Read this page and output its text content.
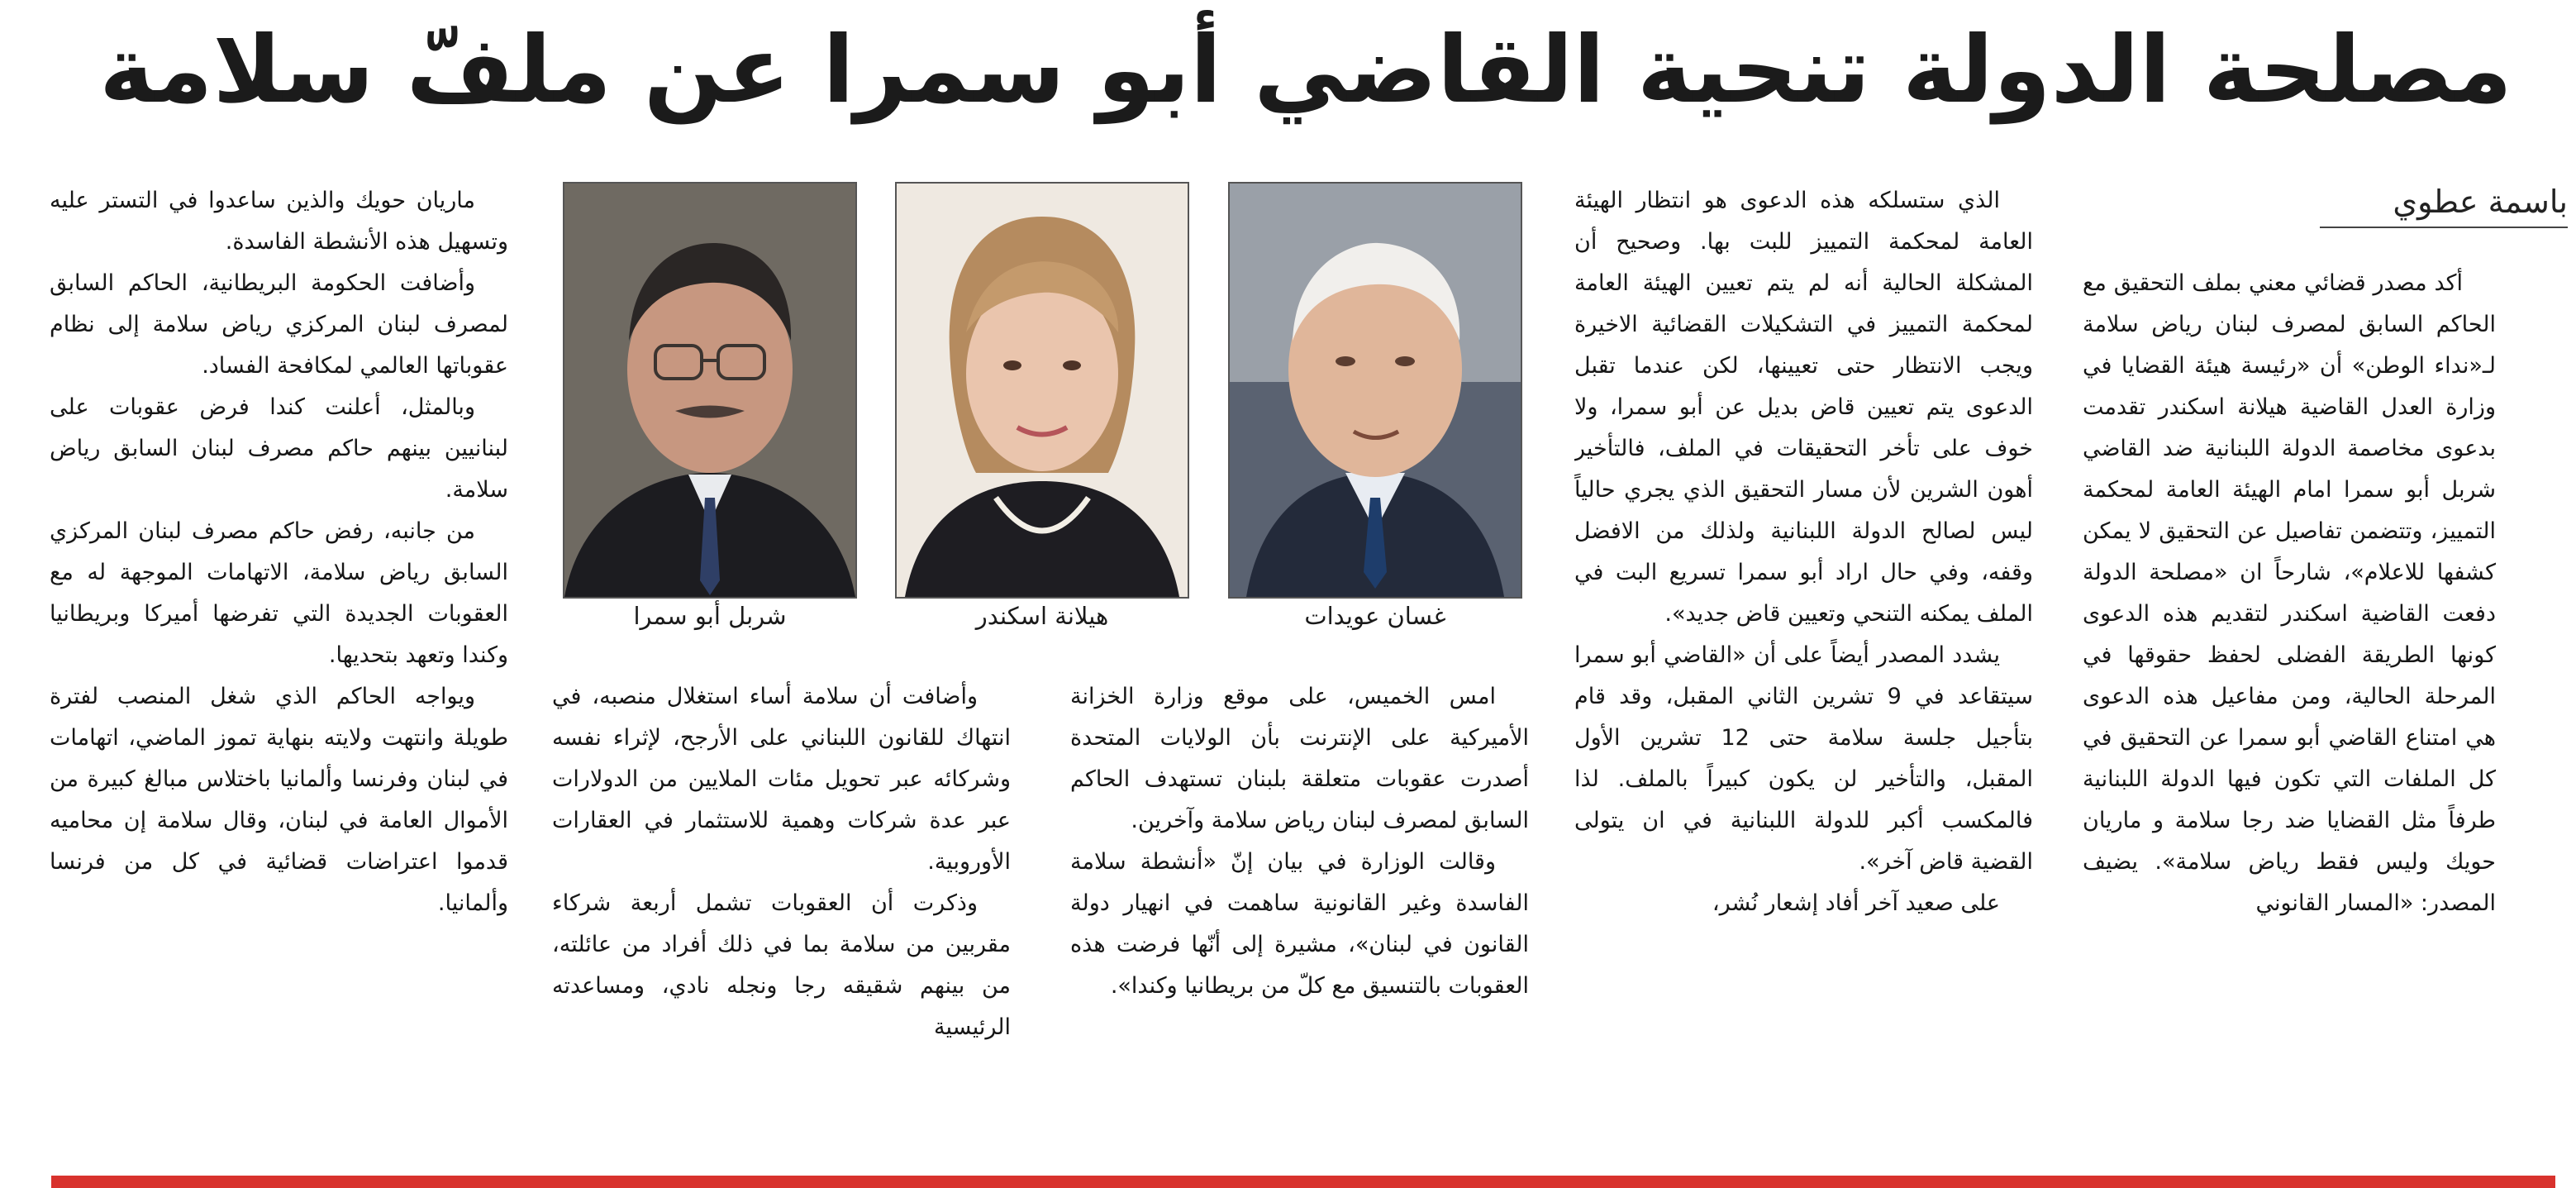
مصلحة الدولة تنحية القاضي أبو سمرا عن ملفّ سلامة
باسمة عطوي

أكد مصدر قضائي معني بملف التحقيق مع الحاكم السابق لمصرف لبنان رياض سلامة لـ«نداء الوطن» أن «رئيسة هيئة القضايا في وزارة العدل القاضية هيلانة اسكندر تقدمت بدعوى مخاصمة الدولة اللبنانية ضد القاضي شربل أبو سمرا امام الهيئة العامة لمحكمة التمييز، وتتضمن تفاصيل عن التحقيق لا يمكن كشفها للاعلام»، شارحاً ان «مصلحة الدولة دفعت القاضية اسكندر لتقديم هذه الدعوى كونها الطريقة الفضلى لحفظ حقوقها في المرحلة الحالية، ومن مفاعيل هذه الدعوى هي امتناع القاضي أبو سمرا عن التحقيق في كل الملفات التي تكون فيها الدولة اللبنانية طرفاً مثل القضايا ضد رجا سلامة و ماريان حويك وليس فقط رياض سلامة». يضيف المصدر: «المسار القانوني

الذي ستسلكه هذه الدعوى هو انتظار الهيئة العامة لمحكمة التمييز للبت بها. وصحيح أن المشكلة الحالية أنه لم يتم تعيين الهيئة العامة لمحكمة التمييز في التشكيلات القضائية الاخيرة ويجب الانتظار حتى تعيينها، لكن عندما تقبل الدعوى يتم تعيين قاض بديل عن أبو سمرا، ولا خوف على تأخر التحقيقات في الملف، فالتأخير أهون الشرين لأن مسار التحقيق الذي يجري حالياً ليس لصالح الدولة اللبنانية ولذلك من الافضل وقفه، وفي حال اراد أبو سمرا تسريع البت في الملف يمكنه التنحي وتعيين قاض جديد».

يشدد المصدر أيضاً على أن «القاضي أبو سمرا سيتقاعد في 9 تشرين الثاني المقبل، وقد قام بتأجيل جلسة سلامة حتى 12 تشرين الأول المقبل، والتأخير لن يكون كبيراً بالملف. لذا فالمكسب أكبر للدولة اللبنانية في ان يتولى القضية قاض آخر».

على صعيد آخر أفاد إشعار نُشر،

غسان عويدات
هيلانة اسكندر
شربل أبو سمرا

امس الخميس، على موقع وزارة الخزانة الأميركية على الإنترنت بأن الولايات المتحدة أصدرت عقوبات متعلقة بلبنان تستهدف الحاكم السابق لمصرف لبنان رياض سلامة وآخرين.

وقالت الوزارة في بيان إنّ «أنشطة سلامة الفاسدة وغير القانونية ساهمت في انهيار دولة القانون في لبنان»، مشيرة إلى أنّها فرضت هذه العقوبات بالتنسيق مع كلّ من بريطانيا وكندا».

وأضافت أن سلامة أساء استغلال منصبه، في انتهاك للقانون اللبناني على الأرجح، لإثراء نفسه وشركائه عبر تحويل مئات الملايين من الدولارات عبر عدة شركات وهمية للاستثمار في العقارات الأوروبية.

وذكرت أن العقوبات تشمل أربعة شركاء مقربين من سلامة بما في ذلك أفراد من عائلته، من بينهم شقيقه رجا ونجله نادي، ومساعدته الرئيسية

ماريان حويك والذين ساعدوا في التستر عليه وتسهيل هذه الأنشطة الفاسدة.

وأضافت الحكومة البريطانية، الحاكم السابق لمصرف لبنان المركزي رياض سلامة إلى نظام عقوباتها العالمي لمكافحة الفساد.

وبالمثل، أعلنت كندا فرض عقوبات على لبنانيين بينهم حاكم مصرف لبنان السابق رياض سلامة.

من جانبه، رفض حاكم مصرف لبنان المركزي السابق رياض سلامة، الاتهامات الموجهة له مع العقوبات الجديدة التي تفرضها أميركا وبريطانيا وكندا وتعهد بتحديها.

ويواجه الحاكم الذي شغل المنصب لفترة طويلة وانتهت ولايته بنهاية تموز الماضي، اتهامات في لبنان وفرنسا وألمانيا باختلاس مبالغ كبيرة من الأموال العامة في لبنان، وقال سلامة إن محاميه قدموا اعتراضات قضائية في كل من فرنسا وألمانيا.
